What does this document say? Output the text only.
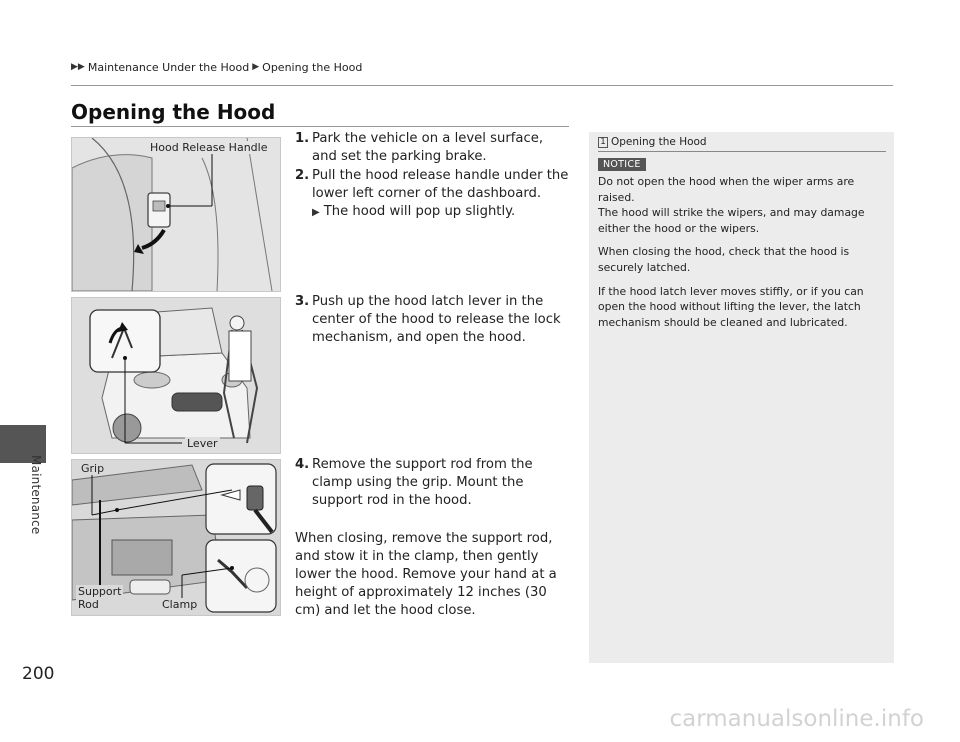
Maintenance
200
▶▶ Maintenance Under the Hood ▶ Opening the Hood
Opening the Hood
Hood Release Handle
Lever
Grip
Support
Rod	Clamp
1. Park the vehicle on a level surface, and set the parking brake.
2. Pull the hood release handle under the lower left corner of the dashboard.
▶ The hood will pop up slightly.
3. Push up the hood latch lever in the center of the hood to release the lock mechanism, and open the hood.
4. Remove the support rod from the clamp using the grip. Mount the support rod in the hood.
When closing, remove the support rod, and stow it in the clamp, then gently lower the hood. Remove your hand at a height of approximately 12 inches (30 cm) and let the hood close.
1 Opening the Hood
NOTICE

Do not open the hood when the wiper arms are raised.
The hood will strike the wipers, and may damage either the hood or the wipers.

When closing the hood, check that the hood is securely latched.

If the hood latch lever moves stiffly, or if you can open the hood without lifting the lever, the latch mechanism should be cleaned and lubricated.

carmanualsonline.info
